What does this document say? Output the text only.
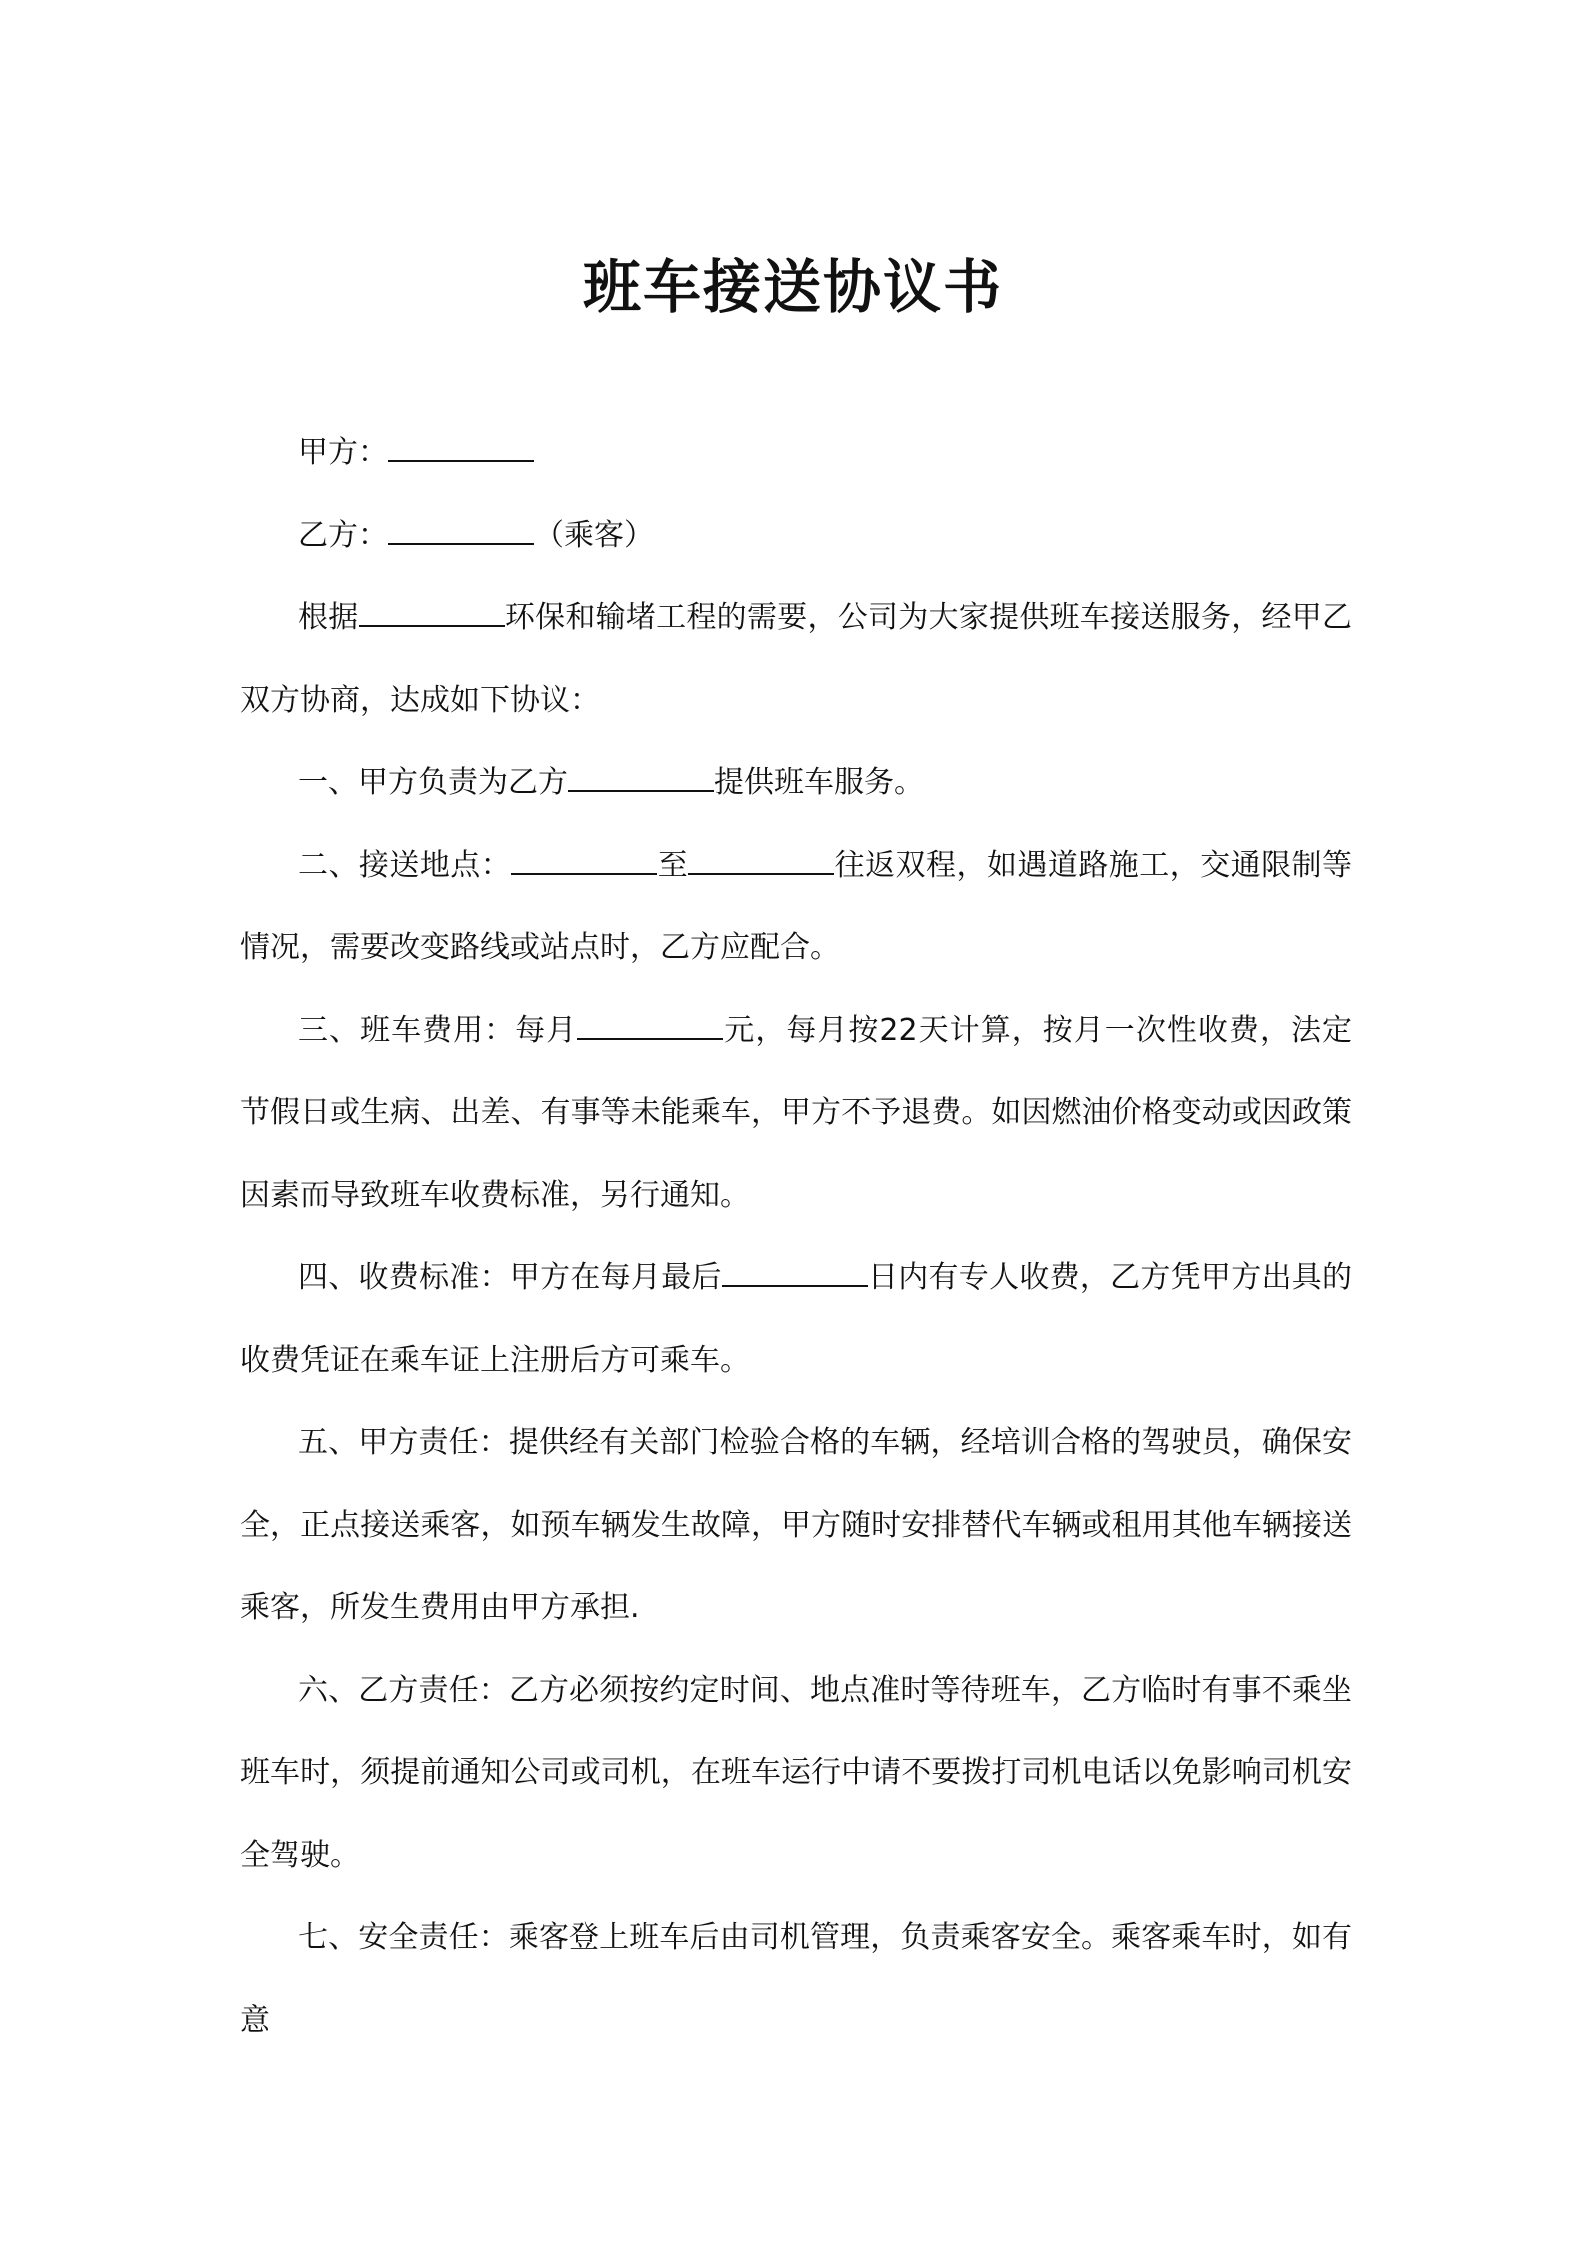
班车接送协议书

甲方：

乙方：	（乘客）

根据	环保和输堵工程的需要，公司为大家提供班车接送服务，经甲乙双方协商，达成如下协议：

一、甲方负责为乙方	提供班车服务。

二、接送地点：	至	往返双程，如遇道路施工，交通限制等情况，需要改变路线或站点时，乙方应配合。

三、班车费用：每月	元，每月按22天计算，按月一次性收费，法定节假日或生病、出差、有事等未能乘车，甲方不予退费。如因燃油价格变动或因政策因素而导致班车收费标准，另行通知。

四、收费标准：甲方在每月最后	日内有专人收费，乙方凭甲方出具的收费凭证在乘车证上注册后方可乘车。

五、甲方责任：提供经有关部门检验合格的车辆，经培训合格的驾驶员，确保安全，正点接送乘客，如预车辆发生故障，甲方随时安排替代车辆或租用其他车辆接送乘客，所发生费用由甲方承担.

六、乙方责任：乙方必须按约定时间、地点准时等待班车，乙方临时有事不乘坐班车时，须提前通知公司或司机，在班车运行中请不要拨打司机电话以免影响司机安全驾驶。

七、安全责任：乘客登上班车后由司机管理，负责乘客安全。乘客乘车时，如有意
